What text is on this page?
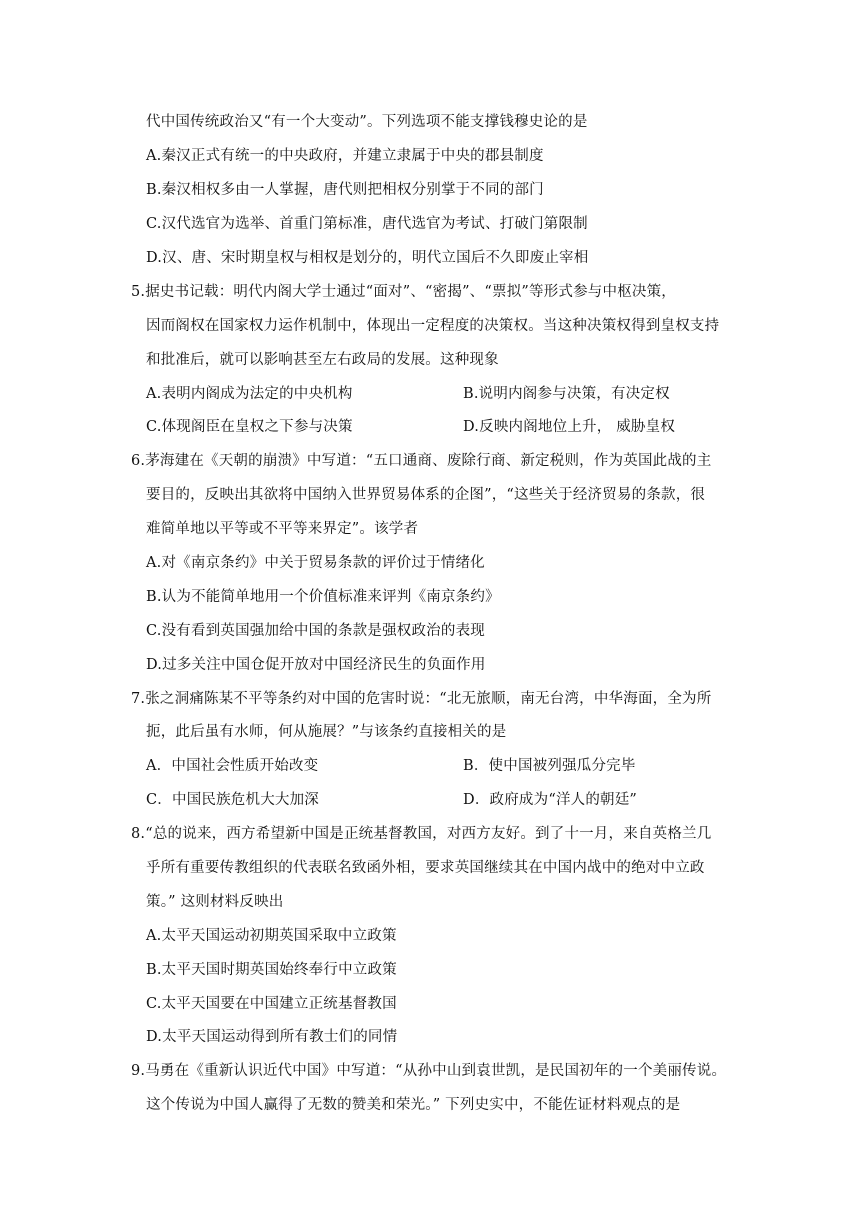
代中国传统政治又“有一个大变动”。下列选项不能支撑钱穆史论的是
A.秦汉正式有统一的中央政府，并建立隶属于中央的郡县制度
B.秦汉相权多由一人掌握，唐代则把相权分别掌于不同的部门
C.汉代选官为选举、首重门第标准，唐代选官为考试、打破门第限制
D.汉、唐、宋时期皇权与相权是划分的，明代立国后不久即废止宰相
5.据史书记载：明代内阁大学士通过“面对”、“密揭”、“票拟”等形式参与中枢决策，
因而阁权在国家权力运作机制中，体现出一定程度的决策权。当这种决策权得到皇权支持
和批准后，就可以影响甚至左右政局的发展。这种现象
A.表明内阁成为法定的中央机构	B.说明内阁参与决策，有决定权
C.体现阁臣在皇权之下参与决策	D.反映内阁地位上升， 威胁皇权
6.茅海建在《天朝的崩溃》中写道：“五口通商、废除行商、新定税则，作为英国此战的主
要目的，反映出其欲将中国纳入世界贸易体系的企图”，“这些关于经济贸易的条款，很
难简单地以平等或不平等来界定”。该学者
A.对《南京条约》中关于贸易条款的评价过于情绪化
B.认为不能简单地用一个价值标准来评判《南京条约》
C.没有看到英国强加给中国的条款是强权政治的表现
D.过多关注中国仓促开放对中国经济民生的负面作用
7.张之洞痛陈某不平等条约对中国的危害时说：“北无旅顺，南无台湾，中华海面，全为所
扼，此后虽有水师，何从施展？”与该条约直接相关的是
A．中国社会性质开始改变	B．使中国被列强瓜分完毕
C．中国民族危机大大加深	D．政府成为“洋人的朝廷”
8.“总的说来，西方希望新中国是正统基督教国，对西方友好。到了十一月，来自英格兰几
乎所有重要传教组织的代表联名致函外相，要求英国继续其在中国内战中的绝对中立政
策。” 这则材料反映出
A.太平天国运动初期英国采取中立政策
B.太平天国时期英国始终奉行中立政策
C.太平天国要在中国建立正统基督教国
D.太平天国运动得到所有教士们的同情
9.马勇在《重新认识近代中国》中写道：“从孙中山到袁世凯，是民国初年的一个美丽传说。
这个传说为中国人赢得了无数的赞美和荣光。” 下列史实中，不能佐证材料观点的是
